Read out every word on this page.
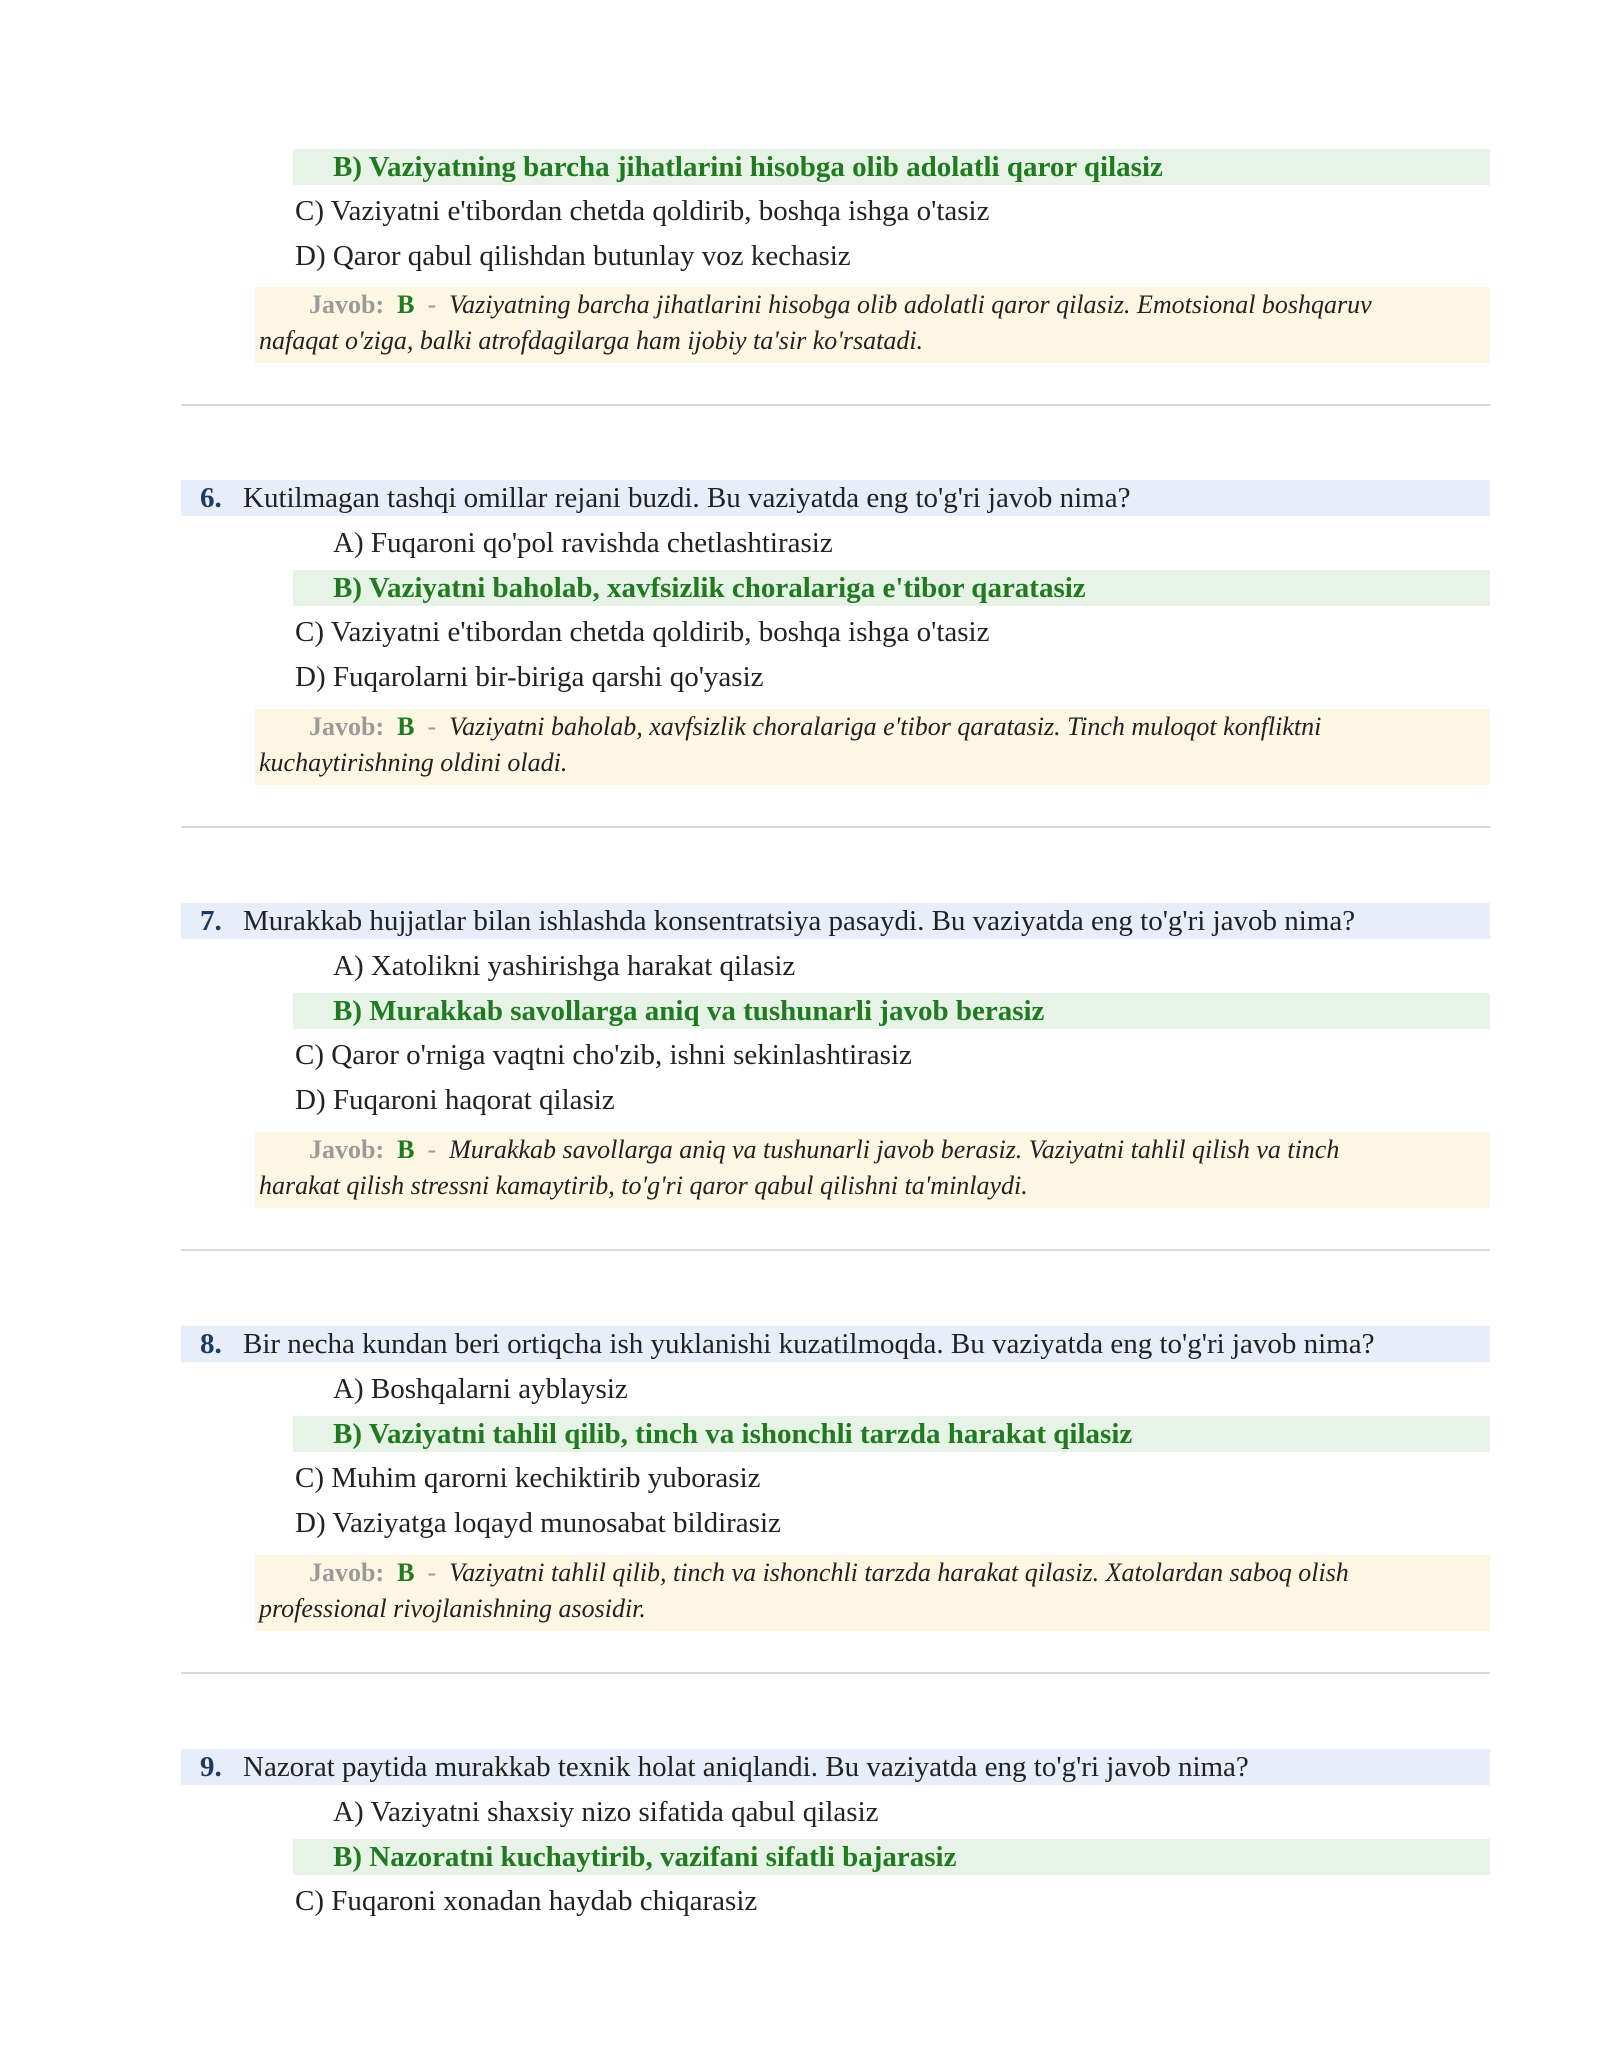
B) Vaziyatning barcha jihatlarini hisobga olib adolatli qaror qilasiz
C) Vaziyatni e'tibordan chetda qoldirib, boshqa ishga o'tasiz
D) Qaror qabul qilishdan butunlay voz kechasiz
Javob: B - Vaziyatning barcha jihatlarini hisobga olib adolatli qaror qilasiz. Emotsional boshqaruv
nafaqat o'ziga, balki atrofdagilarga ham ijobiy ta'sir ko'rsatadi.
6. Kutilmagan tashqi omillar rejani buzdi. Bu vaziyatda eng to'g'ri javob nima?
A) Fuqaroni qo'pol ravishda chetlashtirasiz
B) Vaziyatni baholab, xavfsizlik choralariga e'tibor qaratasiz
C) Vaziyatni e'tibordan chetda qoldirib, boshqa ishga o'tasiz
D) Fuqarolarni bir-biriga qarshi qo'yasiz
Javob: B - Vaziyatni baholab, xavfsizlik choralariga e'tibor qaratasiz. Tinch muloqot konfliktni
kuchaytirishning oldini oladi.
7. Murakkab hujjatlar bilan ishlashda konsentratsiya pasaydi. Bu vaziyatda eng to'g'ri javob nima?
A) Xatolikni yashirishga harakat qilasiz
B) Murakkab savollarga aniq va tushunarli javob berasiz
C) Qaror o'rniga vaqtni cho'zib, ishni sekinlashtirasiz
D) Fuqaroni haqorat qilasiz
Javob: B - Murakkab savollarga aniq va tushunarli javob berasiz. Vaziyatni tahlil qilish va tinch
harakat qilish stressni kamaytirib, to'g'ri qaror qabul qilishni ta'minlaydi.
8. Bir necha kundan beri ortiqcha ish yuklanishi kuzatilmoqda. Bu vaziyatda eng to'g'ri javob nima?
A) Boshqalarni ayblaysiz
B) Vaziyatni tahlil qilib, tinch va ishonchli tarzda harakat qilasiz
C) Muhim qarorni kechiktirib yuborasiz
D) Vaziyatga loqayd munosabat bildirasiz
Javob: B - Vaziyatni tahlil qilib, tinch va ishonchli tarzda harakat qilasiz. Xatolardan saboq olish
professional rivojlanishning asosidir.
9. Nazorat paytida murakkab texnik holat aniqlandi. Bu vaziyatda eng to'g'ri javob nima?
A) Vaziyatni shaxsiy nizo sifatida qabul qilasiz
B) Nazoratni kuchaytirib, vazifani sifatli bajarasiz
C) Fuqaroni xonadan haydab chiqarasiz
